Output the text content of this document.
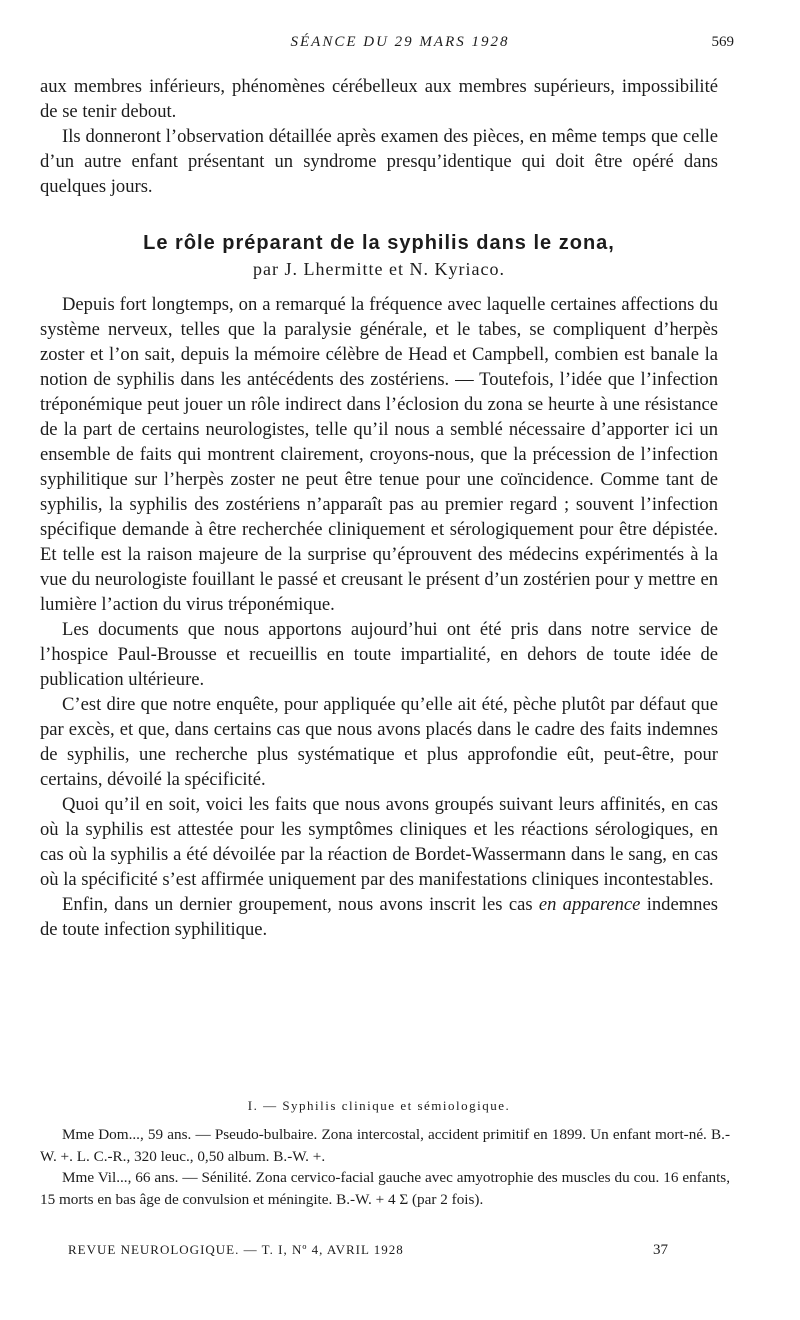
SÉANCE DU 29 MARS 1928	569

aux membres inférieurs, phénomènes cérébelleux aux membres supérieurs, impossibilité de se tenir debout.

Ils donneront l’observation détaillée après examen des pièces, en même temps que celle d’un autre enfant présentant un syndrome presqu’identique qui doit être opéré dans quelques jours.

Le rôle préparant de la syphilis dans le zona,
par J. Lhermitte et N. Kyriaco.

Depuis fort longtemps, on a remarqué la fréquence avec laquelle certaines affections du système nerveux, telles que la paralysie générale, et le tabes, se compliquent d’herpès zoster et l’on sait, depuis la mémoire célèbre de Head et Campbell, combien est banale la notion de syphilis dans les antécédents des zostériens. — Toutefois, l’idée que l’infection tréponémique peut jouer un rôle indirect dans l’éclosion du zona se heurte à une résistance de la part de certains neurologistes, telle qu’il nous a semblé nécessaire d’apporter ici un ensemble de faits qui montrent clairement, croyons-nous, que la précession de l’infection syphilitique sur l’herpès zoster ne peut être tenue pour une coïncidence. Comme tant de syphilis, la syphilis des zostériens n’apparaît pas au premier regard ; souvent l’infection spécifique demande à être recherchée cliniquement et sérologiquement pour être dépistée. Et telle est la raison majeure de la surprise qu’éprouvent des médecins expérimentés à la vue du neurologiste fouillant le passé et creusant le présent d’un zostérien pour y mettre en lumière l’action du virus tréponémique.

Les documents que nous apportons aujourd’hui ont été pris dans notre service de l’hospice Paul-Brousse et recueillis en toute impartialité, en dehors de toute idée de publication ultérieure.

C’est dire que notre enquête, pour appliquée qu’elle ait été, pèche plutôt par défaut que par excès, et que, dans certains cas que nous avons placés dans le cadre des faits indemnes de syphilis, une recherche plus systématique et plus approfondie eût, peut-être, pour certains, dévoilé la spécificité.

Quoi qu’il en soit, voici les faits que nous avons groupés suivant leurs affinités, en cas où la syphilis est attestée pour les symptômes cliniques et les réactions sérologiques, en cas où la syphilis a été dévoilée par la réaction de Bordet-Wassermann dans le sang, en cas où la spécificité s’est affirmée uniquement par des manifestations cliniques incontestables.

Enfin, dans un dernier groupement, nous avons inscrit les cas en apparence indemnes de toute infection syphilitique.

I. — Syphilis clinique et sémiologique.

Mme Dom..., 59 ans. — Pseudo-bulbaire. Zona intercostal, accident primitif en 1899. Un enfant mort-né. B.-W. +. L. C.-R., 320 leuc., 0,50 album. B.-W. +.

Mme Vil..., 66 ans. — Sénilité. Zona cervico-facial gauche avec amyotrophie des muscles du cou. 16 enfants, 15 morts en bas âge de convulsion et méningite. B.-W. + 4 Σ (par 2 fois).

REVUE NEUROLOGIQUE. — T. I, Nº 4, AVRIL 1928	37
